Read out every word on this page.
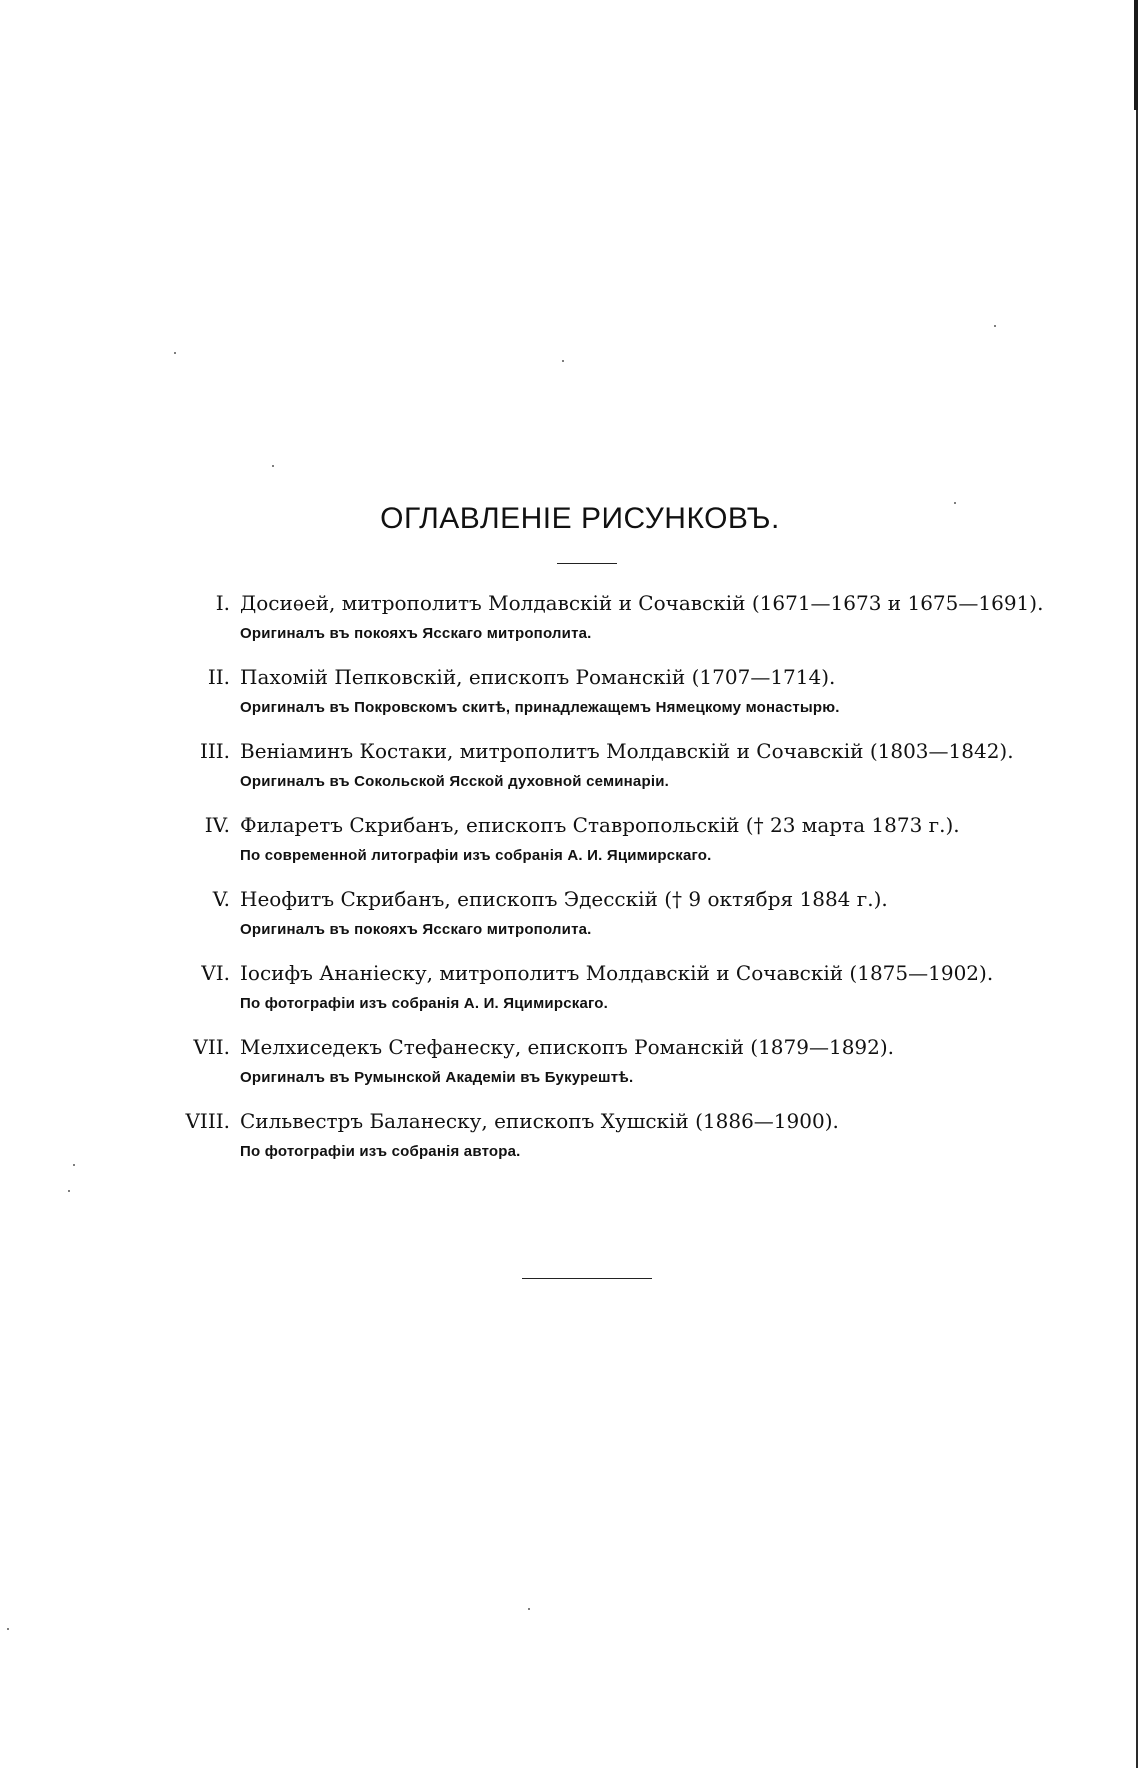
ОГЛАВЛЕНІЕ РИСУНКОВЪ.
I. Досиѳей, митрополитъ Молдавскій и Сочавскій (1671—1673 и 1675—1691).
Оригиналъ въ покояхъ Ясскаго митрополита.
II. Пахомій Пепковскій, епископъ Романскій (1707—1714).
Оригиналъ въ Покровскомъ скитѣ, принадлежащемъ Нямецкому монастырю.
III. Веніаминъ Костаки, митрополитъ Молдавскій и Сочавскій (1803—1842).
Оригиналъ въ Сокольской Ясской духовной семинаріи.
IV. Филаретъ Скрибанъ, епископъ Ставропольскій († 23 марта 1873 г.).
По современной литографіи изъ собранія А. И. Яцимирскаго.
V. Неофитъ Скрибанъ, епископъ Эдесскій († 9 октября 1884 г.).
Оригиналъ въ покояхъ Ясскаго митрополита.
VI. Іосифъ Ананіеску, митрополитъ Молдавскій и Сочавскій (1875—1902).
По фотографіи изъ собранія А. И. Яцимирскаго.
VII. Мелхиседекъ Стефанеску, епископъ Романскій (1879—1892).
Оригиналъ въ Румынской Академіи въ Букурештѣ.
VIII. Сильвестръ Баланеску, епископъ Хушскій (1886—1900).
По фотографіи изъ собранія автора.
